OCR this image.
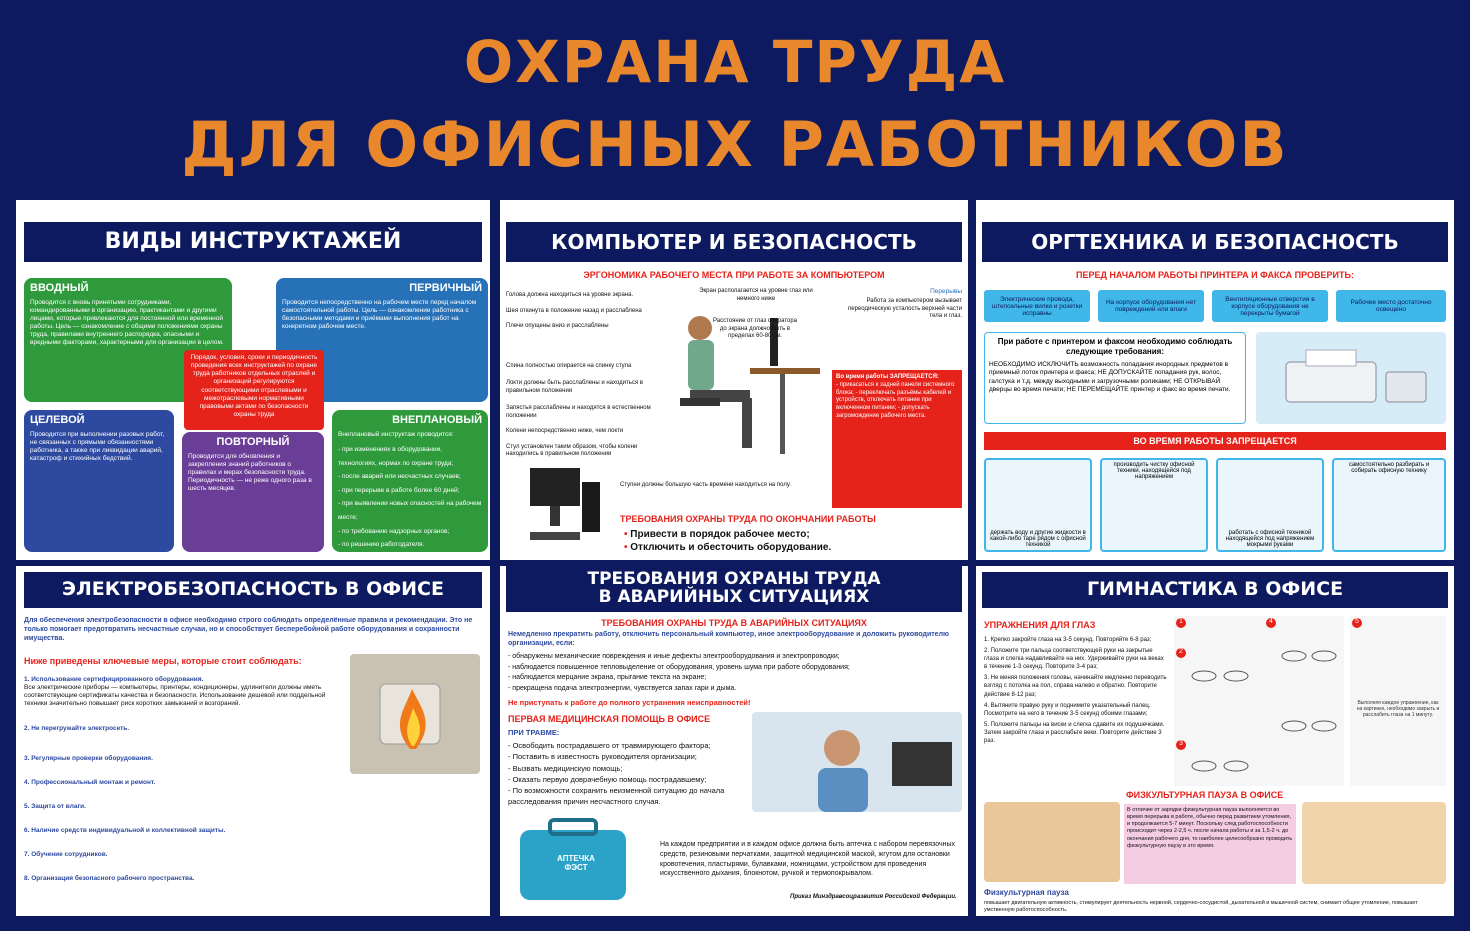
ОХРАНА ТРУДА
ДЛЯ ОФИСНЫХ РАБОТНИКОВ
ВИДЫ ИНСТРУКТАЖЕЙ
ВВОДНЫЙ
Проводится с вновь принятыми сотрудниками, командированными в организацию, практикантами и другими лицами, которые привлекаются для постоянной или временной работы. Цель — ознакомление с общими положениями охраны труда, правилами внутреннего распорядка, опасными и вредными факторами, характерными для организации в целом.
ПЕРВИЧНЫЙ
Проводится непосредственно на рабочем месте перед началом самостоятельной работы. Цель — ознакомление работника с безопасными методами и приёмами выполнения работ на конкретном рабочем месте.
Порядок, условия, сроки и периодичность проведения всех инструктажей по охране труда работников отдельных отраслей и организаций регулируются соответствующими отраслевыми и межотраслевыми нормативными правовыми актами по безопасности охраны труда
ЦЕЛЕВОЙ
Проводится при выполнении разовых работ, не связанных с прямыми обязанностями работника, а также при ликвидации аварий, катастроф и стихийных бедствий.
ПОВТОРНЫЙ
Проводится для обновления и закрепления знаний работников о правилах и мерах безопасности труда. Периодичность — не реже одного раза в шесть месяцев.
ВНЕПЛАНОВЫЙ
Внеплановый инструктаж проводится:
- при изменениях в оборудовании, технологиях, нормах по охране труда;
- после аварий или несчастных случаев;
- при перерыве в работе более 60 дней;
- при выявлении новых опасностей на рабочем месте;
- по требованию надзорных органов;
- по решению работодателя.
КОМПЬЮТЕР И БЕЗОПАСНОСТЬ
ЭРГОНОМИКА РАБОЧЕГО МЕСТА ПРИ РАБОТЕ ЗА КОМПЬЮТЕРОМ
Голова должна находиться на уровне экрана.
Шея откинута в положение назад и расслаблена
Плечи опущены вниз и расслаблены
Спина полностью опирается на спинку стула
Локти должны быть расслаблены и находиться в правильном положении
Запястья расслаблены и находятся в естественном положении
Колени непосредственно ниже, чем локти
Стул установлен таким образом, чтобы колени находились в правильном положении
Экран располагается на уровне глаз или немного ниже
Расстояние от глаз оператора до экрана должно быть в пределах 60-80 см.
Перерывы
Работа за компьютером вызывает переодическую усталость верхней части тела и глаз.
Во время работы ЗАПРЕЩАЕТСЯ:
- прикасаться к задней панели системного блока; - переключать разъёмы кабелей и устройств, отключать питание при включенном питании; - допускать загромождение рабочего места.
Ступни должны большую часть времени находиться на полу.
ТРЕБОВАНИЯ ОХРАНЫ ТРУДА ПО ОКОНЧАНИИ РАБОТЫ
• Привести в порядок рабочее место;
• Отключить и обесточить оборудование.
ОРГТЕХНИКА И БЕЗОПАСНОСТЬ
ПЕРЕД НАЧАЛОМ РАБОТЫ ПРИНТЕРА И ФАКСА ПРОВЕРИТЬ:
Электрические провода, штепсельные вилки и розетки исправны
На корпусе оборудования нет повреждений или влаги
Вентиляционные отверстия в корпусе оборудования не перекрыты бумагой
Рабочее место достаточно освещено
При работе с принтером и факсом необходимо соблюдать следующие требования:
НЕОБХОДИМО ИСКЛЮЧИТЬ возможность попадания инородных предметов в приемный лоток принтера и факса; НЕ ДОПУСКАЙТЕ попадания рук, волос, галстука и т.д. между выходными и загрузочными роликами; НЕ ОТКРЫВАЙ дверцы во время печати; НЕ ПЕРЕМЕЩАЙТЕ принтер и факс во время печати.
ВО ВРЕМЯ РАБОТЫ ЗАПРЕЩАЕТСЯ
держать воду и другие жидкости в какой-либо таре рядом с офисной техникой
производить чистку офисной техники, находящейся под напряжением
работать с офисной техникой находящейся под напряжением мокрыми руками
самостоятельно разбирать и собирать офисную технику
ЭЛЕКТРОБЕЗОПАСНОСТЬ В ОФИСЕ
Для обеспечения электробезопасности в офисе необходимо строго соблюдать определённые правила и рекомендации. Это не только помогает предотвратить несчастные случаи, но и способствует бесперебойной работе оборудования и сохранности имущества.
Ниже приведены ключевые меры, которые стоит соблюдать:
1. Использование сертифицированного оборудования.
Все электрические приборы — компьютеры, принтеры, кондиционеры, удлинители должны иметь соответствующие сертификаты качества и безопасности. Использование дешевой или поддельной техники значительно повышает риск коротких замыканий и возгораний.
2. Не перегружайте электросеть.
3. Регулярные проверки оборудования.
4. Профессиональный монтаж и ремонт.
5. Защита от влаги.
6. Наличие средств индивидуальной и коллективной защиты.
7. Обучение сотрудников.
8. Организация безопасного рабочего пространства.
ТРЕБОВАНИЯ ОХРАНЫ ТРУДА
В АВАРИЙНЫХ СИТУАЦИЯХ
ТРЕБОВАНИЯ ОХРАНЫ ТРУДА В АВАРИЙНЫХ СИТУАЦИЯХ
Немедленно прекратить работу, отключить персональный компьютер, иное электрооборудование и доложить руководителю организации, если:
- обнаружены механические повреждения и иные дефекты электрооборудования и электропроводки;
- наблюдается повышенное тепловыделение от оборудования, уровень шума при работе оборудования;
- наблюдается мерцание экрана, прыгание текста на экране;
- прекращена подача электроэнергии, чувствуется запах гари и дыма.
Не приступать к работе до полного устранения неисправностей!
ПЕРВАЯ МЕДИЦИНСКАЯ ПОМОЩЬ В ОФИСЕ
ПРИ ТРАВМЕ:
- Освободить пострадавшего от травмирующего фактора;
- Поставить в известность руководителя организации;
- Вызвать медицинскую помощь;
- Оказать первую доврачебную помощь пострадавшему;
- По возможности сохранить неизменной ситуацию до начала расследования причин несчастного случая.
АПТЕЧКА ФЭСТ
На каждом предприятии и в каждом офисе должна быть аптечка с набором перевязочных средств, резиновыми перчатками, защитной медицинской маской, жгутом для остановки кровотечения, пластырями, булавками, ножницами, устройством для проведения искусственного дыхания, блокнотом, ручкой и термопокрывалом.
Приказ Минздравсоцразвития Российской Федерации.
ГИМНАСТИКА В ОФИСЕ
УПРАЖНЕНИЯ ДЛЯ ГЛАЗ
1. Крепко закройте глаза на 3-5 секунд. Повторяйте 6-8 раз;
2. Положите три пальца соответствующей руки на закрытые глаза и слегка надавливайте на них. Удерживайте руки на веках в течение 1-3 секунд. Повторите 3-4 раз;
3. Не меняя положения головы, начинайте медленно переводить взгляд с потолка на пол, справа налево и обратно. Повторите действие 8-12 раз;
4. Вытяните правую руку и поднимите указательный палец. Посмотрите на него в течение 3-5 секунд обоими глазами;
5. Положите пальцы на виски и слегка сдавите их подушечками. Затем закройте глаза и расслабьте веки. Повторите действие 3 раз.
1
2
3
4	5
Выполняя каждое упражнение, как на картинке, необходимо закрыть и расслабить глаза на 1 минуту.
ФИЗКУЛЬТУРНАЯ ПАУЗА В ОФИСЕ
В отличие от зарядки физкультурная пауза выполняется во время перерыва в работе, обычно перед развитием утомления, и продолжается 5-7 минут. Поскольку след работоспособности происходит через 2-2,5 ч. после начала работы и за 1,5-2 ч. до окончания рабочего дня, то наиболее целесообразно проводить физкультурную паузу в это время.
Физкультурная пауза
повышает двигательную активность, стимулирует деятельность нервной, сердечно-сосудистой, дыхательной и мышечной систем, снимает общее утомление, повышает умственную работоспособность.
